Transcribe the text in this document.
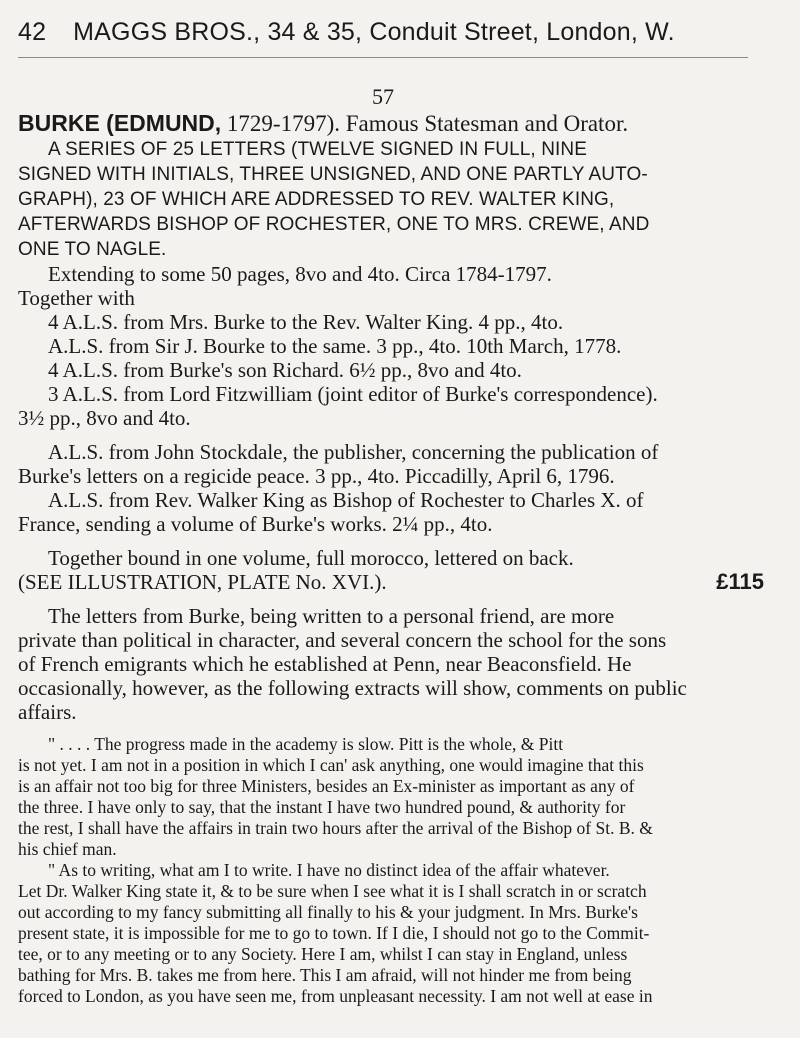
42 MAGGS BROS., 34 & 35, Conduit Street, London, W.
57
BURKE (EDMUND, 1729-1797). Famous Statesman and Orator.
A SERIES OF 25 LETTERS (TWELVE SIGNED IN FULL, NINE
SIGNED WITH INITIALS, THREE UNSIGNED, AND ONE PARTLY AUTO-
GRAPH), 23 OF WHICH ARE ADDRESSED TO REV. WALTER KING,
AFTERWARDS BISHOP OF ROCHESTER, ONE TO MRS. CREWE, AND
ONE TO NAGLE.
Extending to some 50 pages, 8vo and 4to. Circa 1784-1797.
Together with
4 A.L.S. from Mrs. Burke to the Rev. Walter King. 4 pp., 4to.
A.L.S. from Sir J. Bourke to the same. 3 pp., 4to. 10th March, 1778.
4 A.L.S. from Burke's son Richard. 6½ pp., 8vo and 4to.
3 A.L.S. from Lord Fitzwilliam (joint editor of Burke's correspondence).
3½ pp., 8vo and 4to.
A.L.S. from John Stockdale, the publisher, concerning the publication of
Burke's letters on a regicide peace. 3 pp., 4to. Piccadilly, April 6, 1796.
A.L.S. from Rev. Walker King as Bishop of Rochester to Charles X. of
France, sending a volume of Burke's works. 2¼ pp., 4to.
Together bound in one volume, full morocco, lettered on back.
(SEE ILLUSTRATION, PLATE No. XVI.).	£115
The letters from Burke, being written to a personal friend, are more
private than political in character, and several concern the school for the sons
of French emigrants which he established at Penn, near Beaconsfield. He
occasionally, however, as the following extracts will show, comments on public
affairs.
" . . . . The progress made in the academy is slow. Pitt is the whole, & Pitt
is not yet. I am not in a position in which I can' ask anything, one would imagine that this
is an affair not too big for three Ministers, besides an Ex-minister as important as any of
the three. I have only to say, that the instant I have two hundred pound, & authority for
the rest, I shall have the affairs in train two hours after the arrival of the Bishop of St. B. &
his chief man.
" As to writing, what am I to write. I have no distinct idea of the affair whatever.
Let Dr. Walker King state it, & to be sure when I see what it is I shall scratch in or scratch
out according to my fancy submitting all finally to his & your judgment. In Mrs. Burke's
present state, it is impossible for me to go to town. If I die, I should not go to the Commit-
tee, or to any meeting or to any Society. Here I am, whilst I can stay in England, unless
bathing for Mrs. B. takes me from here. This I am afraid, will not hinder me from being
forced to London, as you have seen me, from unpleasant necessity. I am not well at ease in
